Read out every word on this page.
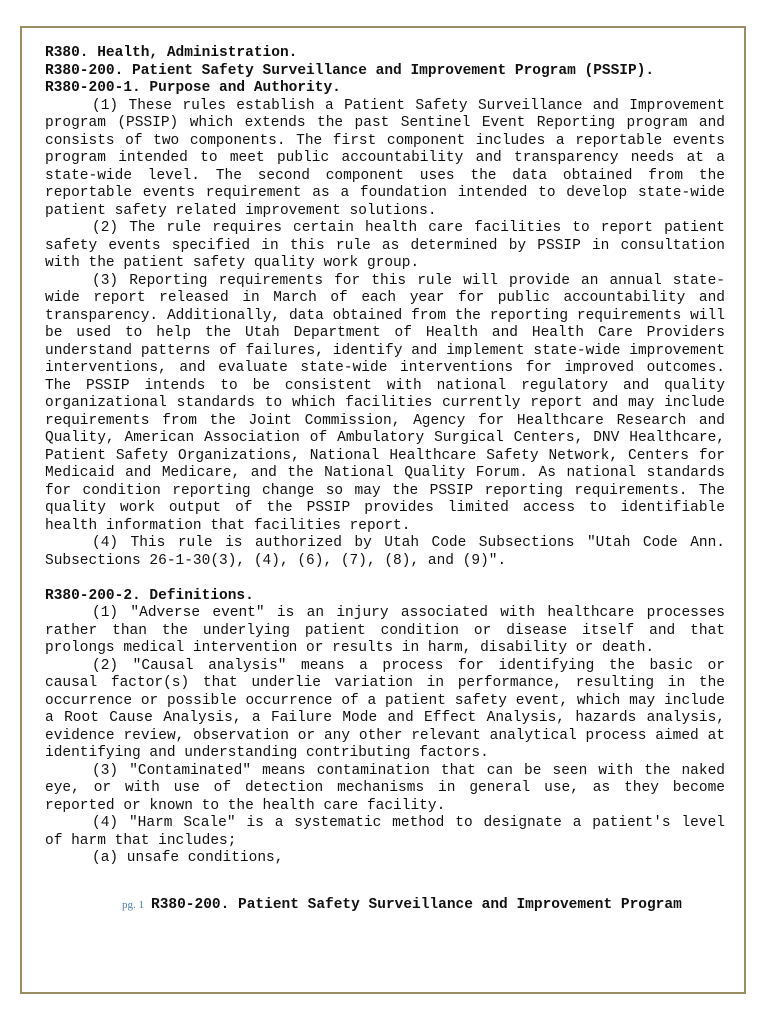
R380. Health, Administration.

R380-200. Patient Safety Surveillance and Improvement Program (PSSIP).

R380-200-1. Purpose and Authority.

(1) These rules establish a Patient Safety Surveillance and Improvement program (PSSIP) which extends the past Sentinel Event Reporting program and consists of two components. The first component includes a reportable events program intended to meet public accountability and transparency needs at a state-wide level. The second component uses the data obtained from the reportable events requirement as a foundation intended to develop state-wide patient safety related improvement solutions.

(2) The rule requires certain health care facilities to report patient safety events specified in this rule as determined by PSSIP in consultation with the patient safety quality work group.

(3) Reporting requirements for this rule will provide an annual state-wide report released in March of each year for public accountability and transparency. Additionally, data obtained from the reporting requirements will be used to help the Utah Department of Health and Health Care Providers understand patterns of failures, identify and implement state-wide improvement interventions, and evaluate state-wide interventions for improved outcomes. The PSSIP intends to be consistent with national regulatory and quality organizational standards to which facilities currently report and may include requirements from the Joint Commission, Agency for Healthcare Research and Quality, American Association of Ambulatory Surgical Centers, DNV Healthcare, Patient Safety Organizations, National Healthcare Safety Network, Centers for Medicaid and Medicare, and the National Quality Forum. As national standards for condition reporting change so may the PSSIP reporting requirements. The quality work output of the PSSIP provides limited access to identifiable health information that facilities report.

(4) This rule is authorized by Utah Code Subsections "Utah Code Ann. Subsections 26-1-30(3), (4), (6), (7), (8), and (9)".

R380-200-2. Definitions.

(1) "Adverse event" is an injury associated with healthcare processes rather than the underlying patient condition or disease itself and that prolongs medical intervention or results in harm, disability or death.

(2) "Causal analysis" means a process for identifying the basic or causal factor(s) that underlie variation in performance, resulting in the occurrence or possible occurrence of a patient safety event, which may include a Root Cause Analysis, a Failure Mode and Effect Analysis, hazards analysis, evidence review, observation or any other relevant analytical process aimed at identifying and understanding contributing factors.

(3) "Contaminated" means contamination that can be seen with the naked eye, or with use of detection mechanisms in general use, as they become reported or known to the health care facility.

(4) "Harm Scale" is a systematic method to designate a patient's level of harm that includes;

(a) unsafe conditions,

pg. 1 R380-200. Patient Safety Surveillance and Improvement Program
